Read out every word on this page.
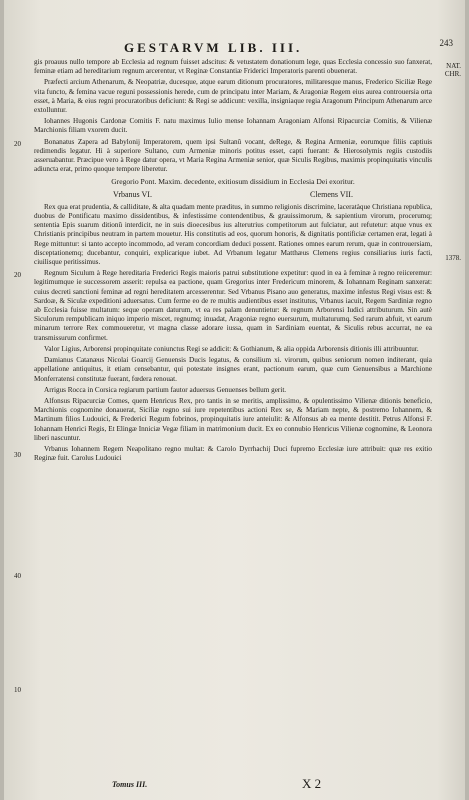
GESTARVM LIB. III.	243
NAT.
CHR.
20
1378.
20
30
40
10

gis proauus nullo tempore ab Ecclesia ad regnum fuisset adscitus: & vetustatem donationum lege, quas Ecclesia concessio suo fanxerat, feminæ etiam ad hereditarium regnum arcerentur, vt Reginæ Constantiæ Friderici Imperatoris parenti obuenerat.

Præfecti arcium Athenarum, & Neopatriæ, ducesque, atque earum ditionum procuratores, militaresque manus, Frederico Siciliæ Rege vita functo, & femina vacue reguni possessionis herede, cum de principatu inter Mariam, & Aragoniæ Regem eius aurea controuersia orta esset, à Maria, & eius regni procuratoribus deficiunt: & Regi se addicunt: vexilla, insigniaque regia Aragonum Principum Athenarum arce extolluntur.

Iohannes Hugonis Cardonæ Comitis F. natu maximus Iulio mense Iohannam Aragoniam Alfonsi Ripacurciæ Comitis, & Vilienæ Marchionis filiam vxorem ducit.

Bonanatus Zapera ad Babylonij Imperatorem, quem ipsi Sultanû vocant, deRege, & Regina Armeniæ, eorumque filiis captiuis redimendis legatur. Hi à superiore Sultano, cum Armeniæ minoris potitus esset, capti fuerant: & Hierosolymis regiis custodiis asseruabantur. Præcipue vero à Rege datur opera, vt Maria Regina Armeniæ senior, quæ Siculis Regibus, maximis propinquitatis vinculis adiuncta erat, primo quoque tempore liberetur.

Gregorio Pont. Maxim. decedente, exitiosum dissidium in Ecclesia Dei exoritur.

Vrbanus VI.	Clemens VII.

Rex qua erat prudentia, & calliditate, & alta quadam mente præditus, in summo religionis discrimine, laceratàque Christiana republica, duobus de Pontificatu maximo dissidentibus, & infestissime contendentibus, & grauissimorum, & sapientium virorum, procerumq; sententia Epis suarum ditionû interdicit, ne in suis dioecesibus ius alterutrius competitorum aut fulciatur, aut refutetur: atque vnus ex Christianis principibus neutram in partem mouetur. His constitutis ad eos, quorum honoris, & dignitatis pontificiæ certamen erat, legati à Rege mittuntur: si tanto accepto incommodo, ad veram concordiam deduci possent. Rationes omnes earum rerum, quæ in controuersiam, disceptationemq; ducebantur, conquiri, explicarique iubet. Ad Vrbanum legatur Matthæus Clemens regius consiliarius iuris facti, ciuilisque peritissimus.

Regnum Siculum à Rege hereditaria Frederici Regis maioris patrui substitutione expetitur: quod in ea à feminæ à regno reiiceremur: legitimumque ie successorem asserit: repulsa ea pactione, quam Gregorius inter Fredericum minorem, & Iohannam Reginam sanxerat: cuius decreti sanctioni feminæ ad regni hereditatem arcesserentur. Sed Vrbanus Pisano auo generatus, maxime infestus Regi visus est: & Sardoæ, & Siculæ expeditioni aduersatus. Cum ferme eo de re multis audientibus esset institutus, Vrbanus iacuit, Regem Sardiniæ regno ab Ecclesia fuisse multatum: seque operam daturum, vt ea res palam denuntietur: & regnum Arborensi Iudici attributurum. Sin autè Siculorum rempublicam iniquo imperio miscet, regnumq; inuadat, Aragoniæ regno euersurum, multaturumq. Sed rarum abfuit, vt earum minarum terrore Rex commoueretur, vt magna classe adorare iussa, quam in Sardiniam euentat, & Siculis rebus accurrat, ne ea transmissurum confirmet.

Valor Ligius, Arborensi propinquitate coniunctus Regi se addicit: & Gothianum, & alia oppida Arborensis ditionis illi attribuuntur.

Damianus Catanæus Nicolai Goarcij Genuensis Ducis legatus, & consilium xi. virorum, quibus seniorum nomen inditerant, quia appellatione antiquitus, it etiam censebantur, qui potestate insignes erant, pactionum earum, quæ cum Genuensibus a Marchione Monferratensi constitutæ fuerant, fœdera renouat.

Arrigus Rocca in Corsica regiarum partium fautor aduersus Genuenses bellum gerit.

Alfonsus Ripacurciæ Comes, quem Henricus Rex, pro tantis in se meritis, amplissimo, & opulentissimo Vilienæ ditionis beneficio, Marchionis cognomine donauerat, Siciliæ regno sui iure repetentibus actioni Rex se, & Mariam nepte, & postremo Iohannem, & Martinum filios Ludouici, & Frederici Regum fobrinos, propinquitatis iure anteiulit: & Alfonsus ab ea mente destitit. Petrus Alfonsi F. Iohannam Henrici Regis, Et Elingæ Inniciæ Vegæ filiam in matrimonium ducit. Ex eo connubio Henricus Vilienæ cognomine, & Leonora liberi nascuntur.

Vrbanus Iohannem Regem Neapolitano regno multat: & Carolo Dyrrhachij Duci fupremo Ecclesiæ iure attribuit: quæ res exitio Reginæ fuit. Carolus Ludouici

Tomus III.	X 2
